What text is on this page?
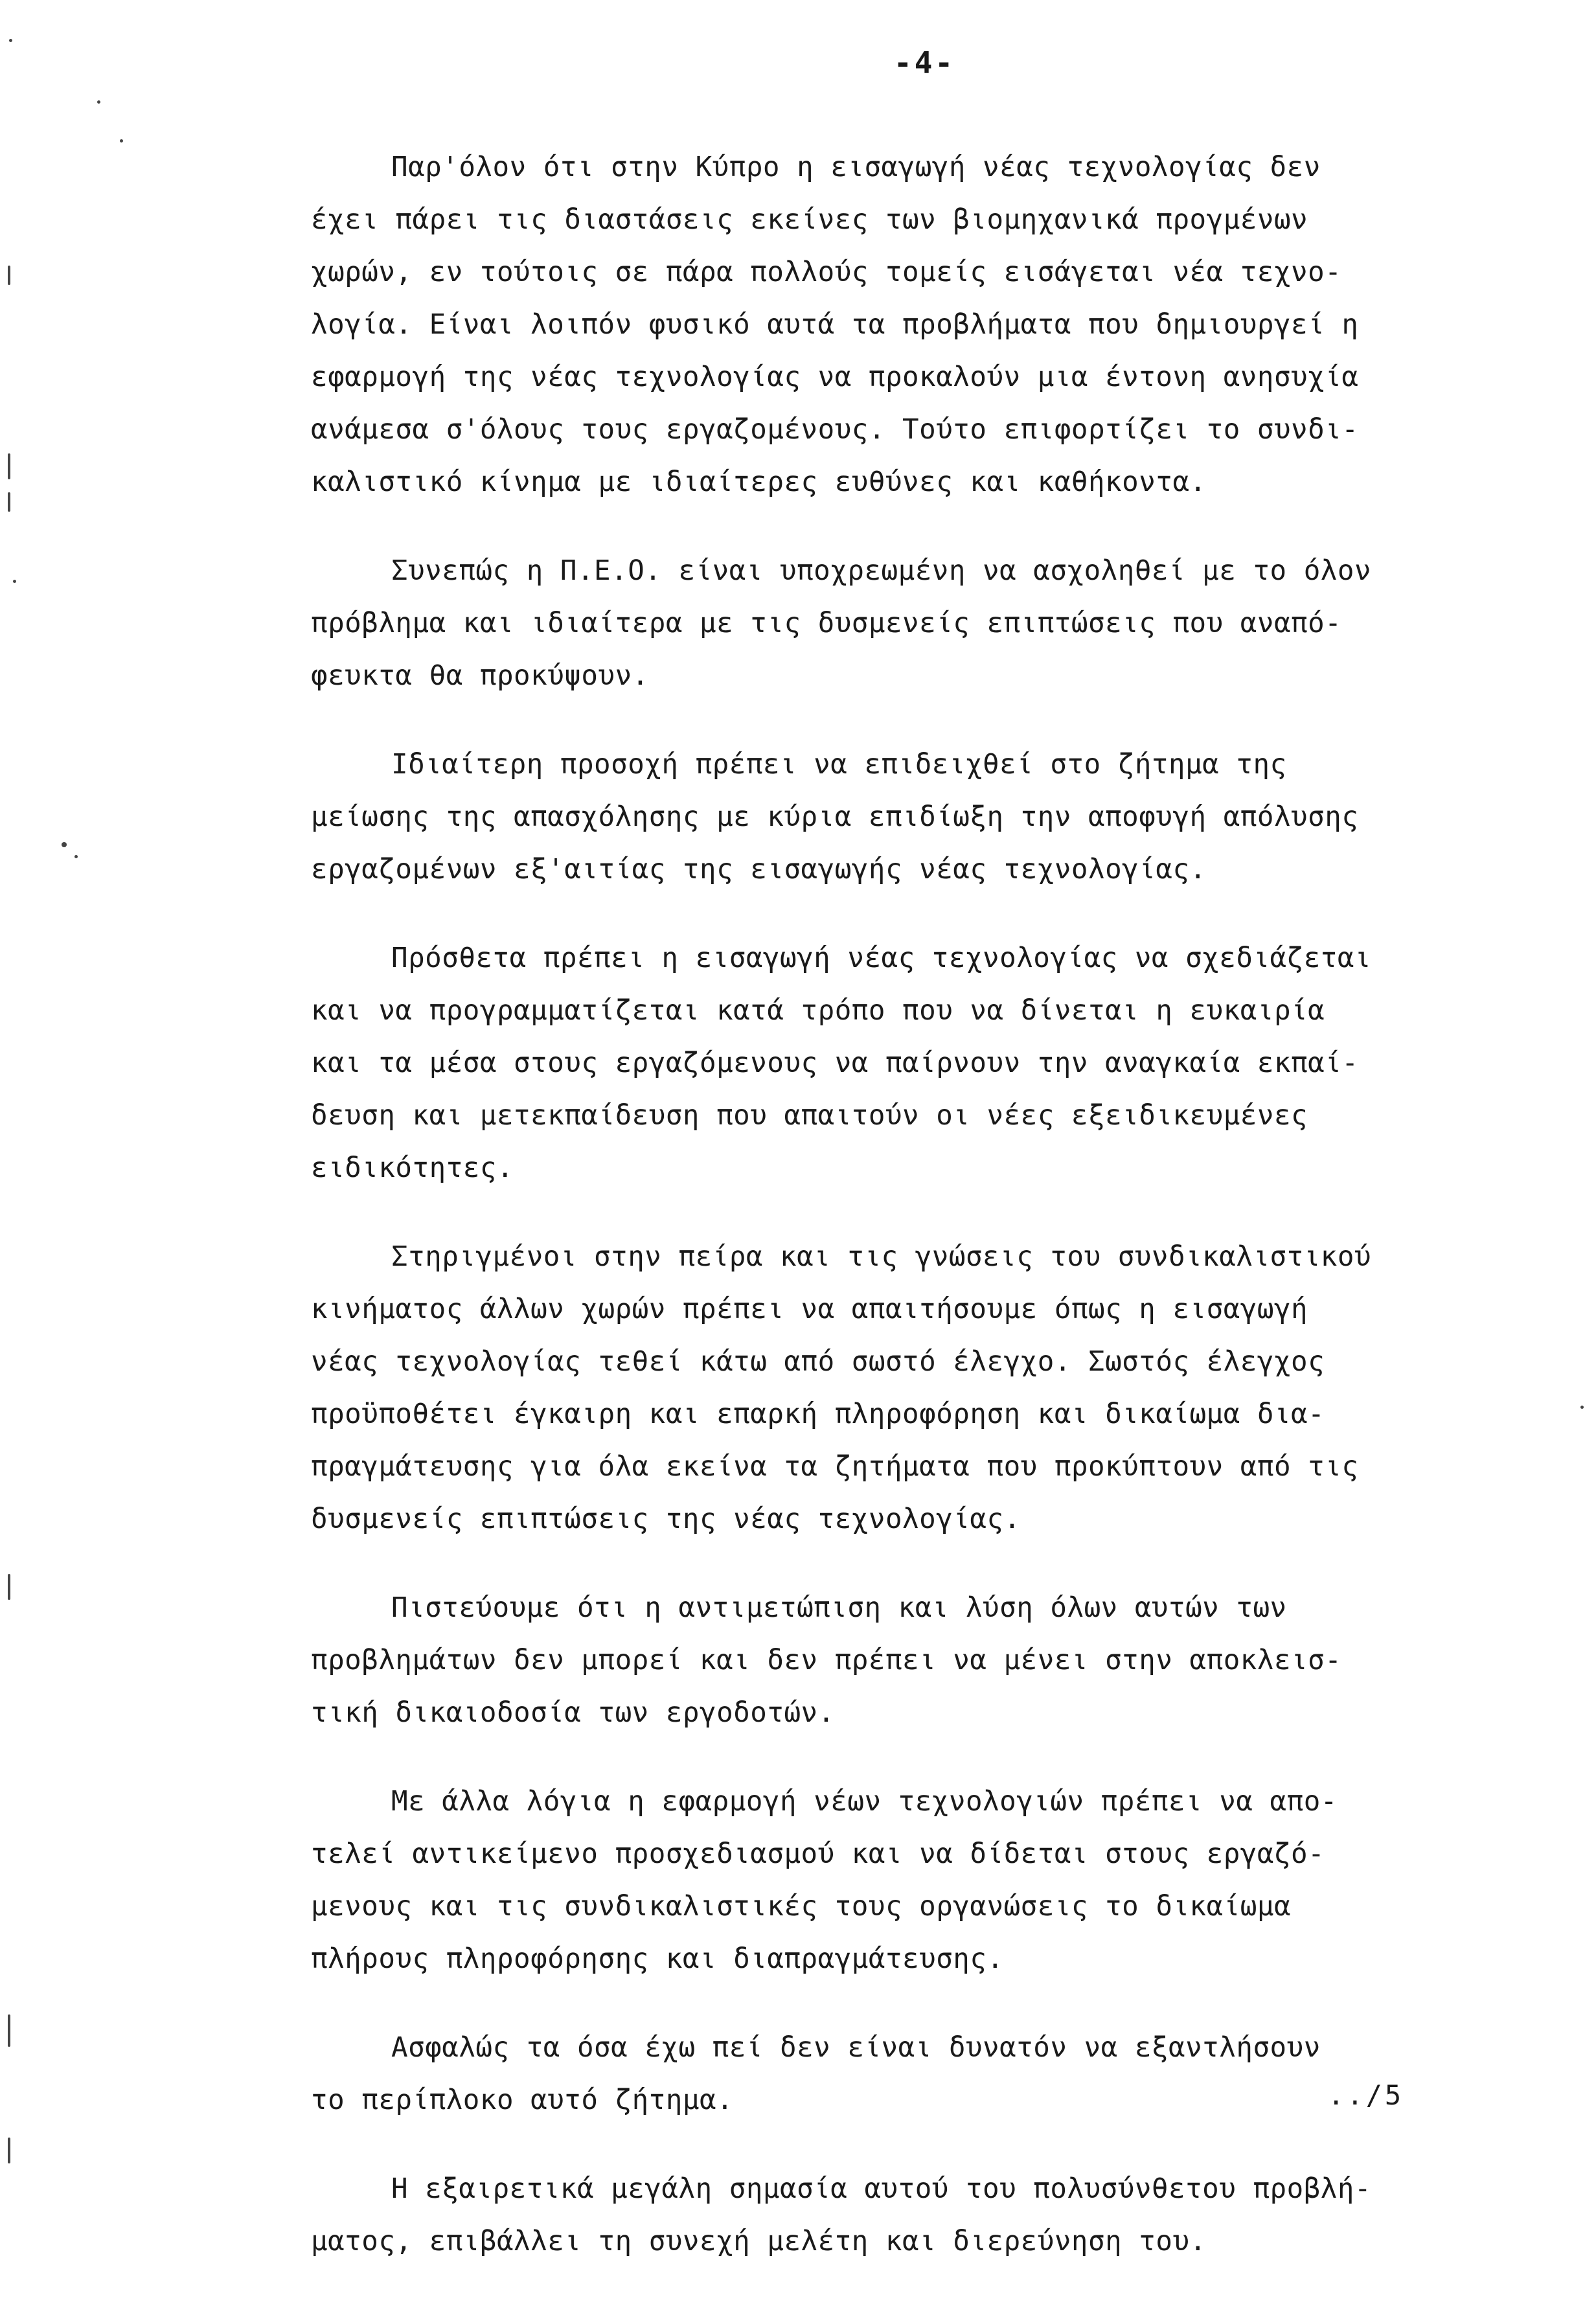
-4-

Παρ'όλον ότι στην Κύπρο η εισαγωγή νέας τεχνολογίας δεν
έχει πάρει τις διαστάσεις εκείνες των βιομηχανικά προγμένων
χωρών, εν τούτοις σε πάρα πολλούς τομείς εισάγεται νέα τεχνο-
λογία. Είναι λοιπόν φυσικό αυτά τα προβλήματα που δημιουργεί η
εφαρμογή της νέας τεχνολογίας να προκαλούν μια έντονη ανησυχία
ανάμεσα σ'όλους τους εργαζομένους. Τούτο επιφορτίζει το συνδι-
καλιστικό κίνημα με ιδιαίτερες ευθύνες και καθήκοντα.

Συνεπώς η Π.Ε.Ο. είναι υποχρεωμένη να ασχοληθεί με το όλον
πρόβλημα και ιδιαίτερα με τις δυσμενείς επιπτώσεις που αναπό-
φευκτα θα προκύψουν.

Ιδιαίτερη προσοχή πρέπει να επιδειχθεί στο ζήτημα της
μείωσης της απασχόλησης με κύρια επιδίωξη την αποφυγή απόλυσης
εργαζομένων εξ'αιτίας της εισαγωγής νέας τεχνολογίας.

Πρόσθετα πρέπει η εισαγωγή νέας τεχνολογίας να σχεδιάζεται
και να προγραμματίζεται κατά τρόπο που να δίνεται η ευκαιρία
και τα μέσα στους εργαζόμενους να παίρνουν την αναγκαία εκπαί-
δευση και μετεκπαίδευση που απαιτούν οι νέες εξειδικευμένες
ειδικότητες.

Στηριγμένοι στην πείρα και τις γνώσεις του συνδικαλιστικού
κινήματος άλλων χωρών πρέπει να απαιτήσουμε όπως η εισαγωγή
νέας τεχνολογίας τεθεί κάτω από σωστό έλεγχο. Σωστός έλεγχος
προϋποθέτει έγκαιρη και επαρκή πληροφόρηση και δικαίωμα δια-
πραγμάτευσης για όλα εκείνα τα ζητήματα που προκύπτουν από τις
δυσμενείς επιπτώσεις της νέας τεχνολογίας.

Πιστεύουμε ότι η αντιμετώπιση και λύση όλων αυτών των
προβλημάτων δεν μπορεί και δεν πρέπει να μένει στην αποκλεισ-
τική δικαιοδοσία των εργοδοτών.

Με άλλα λόγια η εφαρμογή νέων τεχνολογιών πρέπει να απο-
τελεί αντικείμενο προσχεδιασμού και να δίδεται στους εργαζό-
μενους και τις συνδικαλιστικές τους οργανώσεις το δικαίωμα
πλήρους πληροφόρησης και διαπραγμάτευσης.

Ασφαλώς τα όσα έχω πεί δεν είναι δυνατόν να εξαντλήσουν
το περίπλοκο αυτό ζήτημα.

Η εξαιρετικά μεγάλη σημασία αυτού του πολυσύνθετου προβλή-
ματος, επιβάλλει τη συνεχή μελέτη και διερεύνηση του.

../5
